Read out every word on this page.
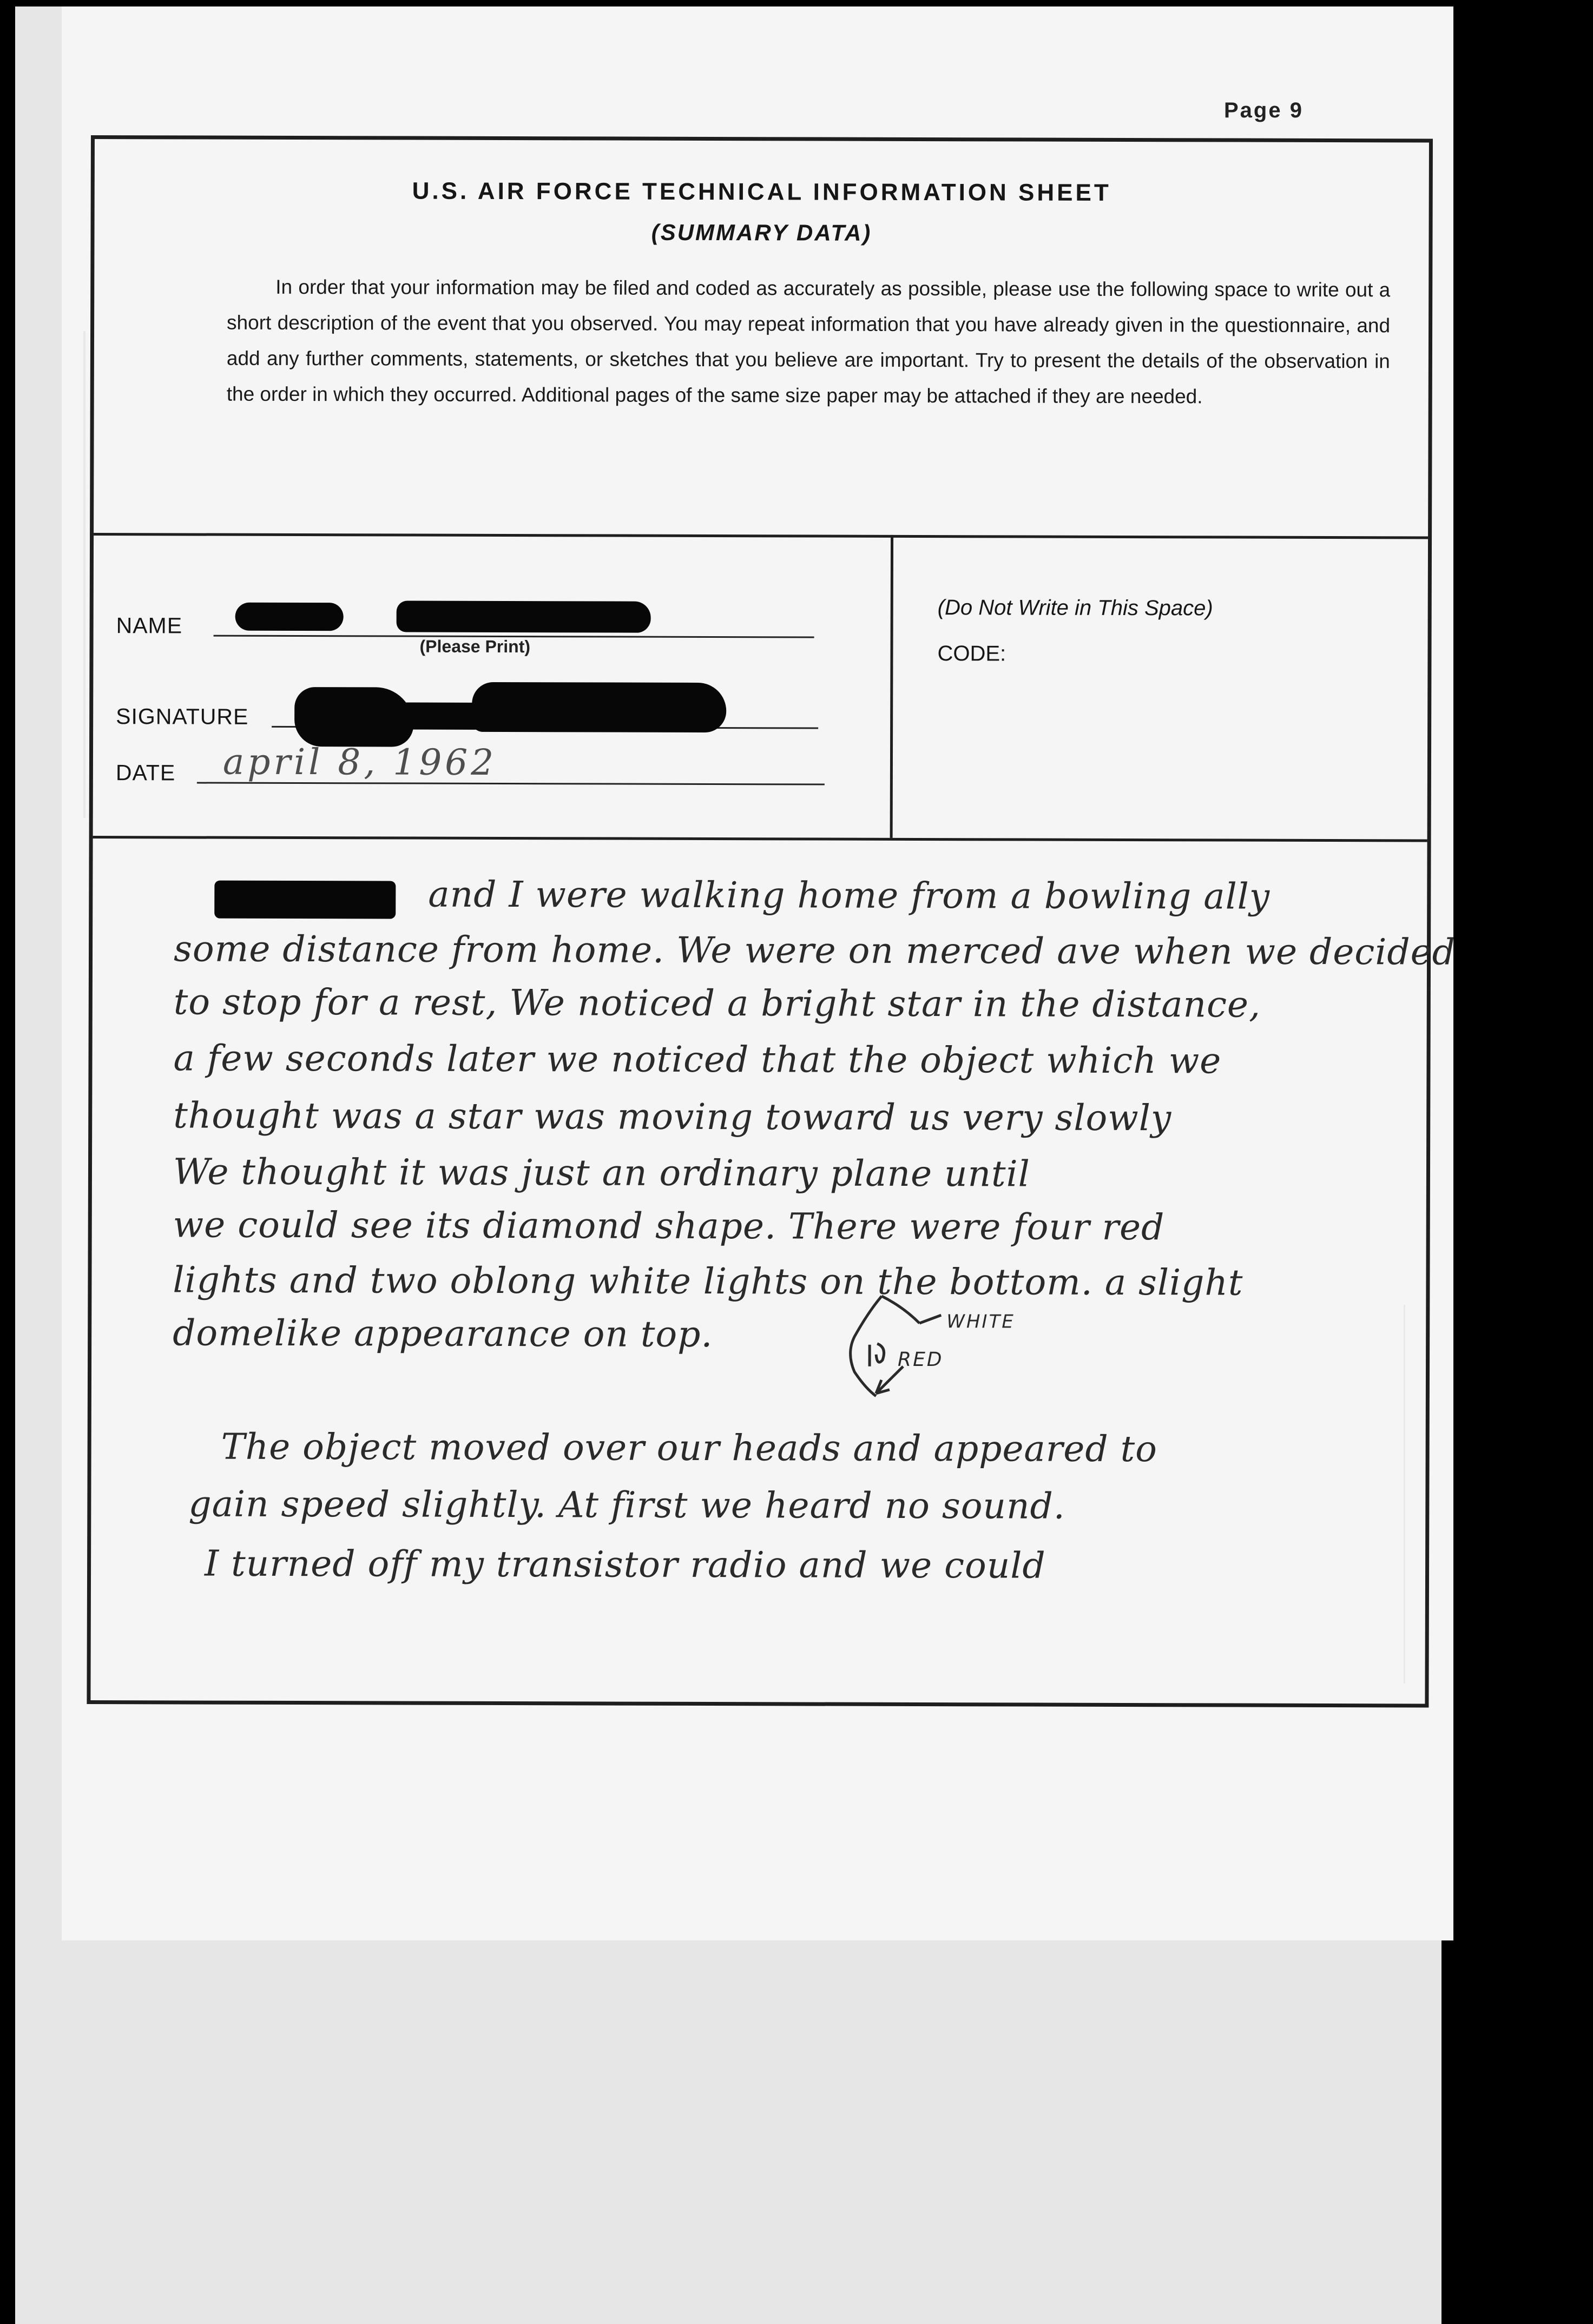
Page 9
U.S. AIR FORCE TECHNICAL INFORMATION SHEET
(SUMMARY DATA)
In order that your information may be filed and coded as accurately as possible, please use the following space to write out a short description of the event that you observed. You may repeat information that you have already given in the questionnaire, and add any further comments, statements, or sketches that you believe are important. Try to present the details of the observation in the order in which they occurred. Additional pages of the same size paper may be attached if they are needed.
NAME
(Please Print)
SIGNATURE
DATE april 8, 1962
(Do Not Write in This Space)
CODE:
and I were walking home from a bowling ally
some distance from home. We were on merced ave when we decided
to stop for a rest, We noticed a bright star in the distance,
a few seconds later we noticed that the object which we
thought was a star was moving toward us very slowly
We thought it was just an ordinary plane until
we could see its diamond shape. There were four red
lights and two oblong white lights on the bottom. a slight
domelike appearance on top.	WHITE
RED
The object moved over our heads and appeared to
gain speed slightly. At first we heard no sound.
I turned off my transistor radio and we could
